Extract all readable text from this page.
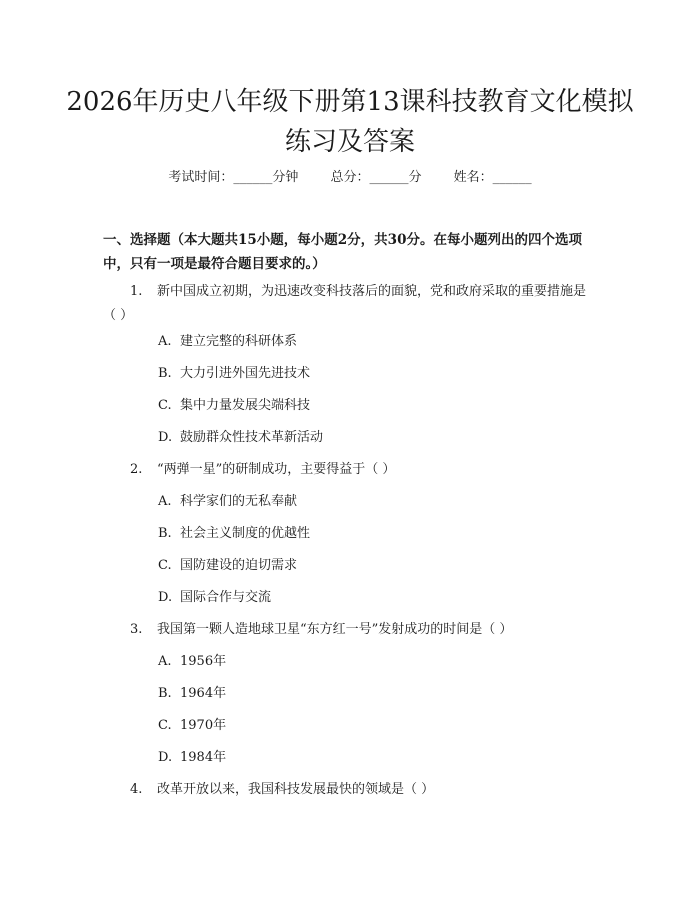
2026年历史八年级下册第13课科技教育文化模拟练习及答案
考试时间：______分钟 总分：______分 姓名：______

一、选择题（本大题共15小题，每小题2分，共30分。在每小题列出的四个选项中，只有一项是最符合题目要求的。）

1. 新中国成立初期，为迅速改变科技落后的面貌，党和政府采取的重要措施是（ ）

A. 建立完整的科研体系

B. 大力引进外国先进技术

C. 集中力量发展尖端科技

D. 鼓励群众性技术革新活动

2. “两弹一星”的研制成功，主要得益于（ ）

A. 科学家们的无私奉献

B. 社会主义制度的优越性

C. 国防建设的迫切需求

D. 国际合作与交流

3. 我国第一颗人造地球卫星“东方红一号”发射成功的时间是（ ）

A. 1956年

B. 1964年

C. 1970年

D. 1984年

4. 改革开放以来，我国科技发展最快的领域是（ ）
